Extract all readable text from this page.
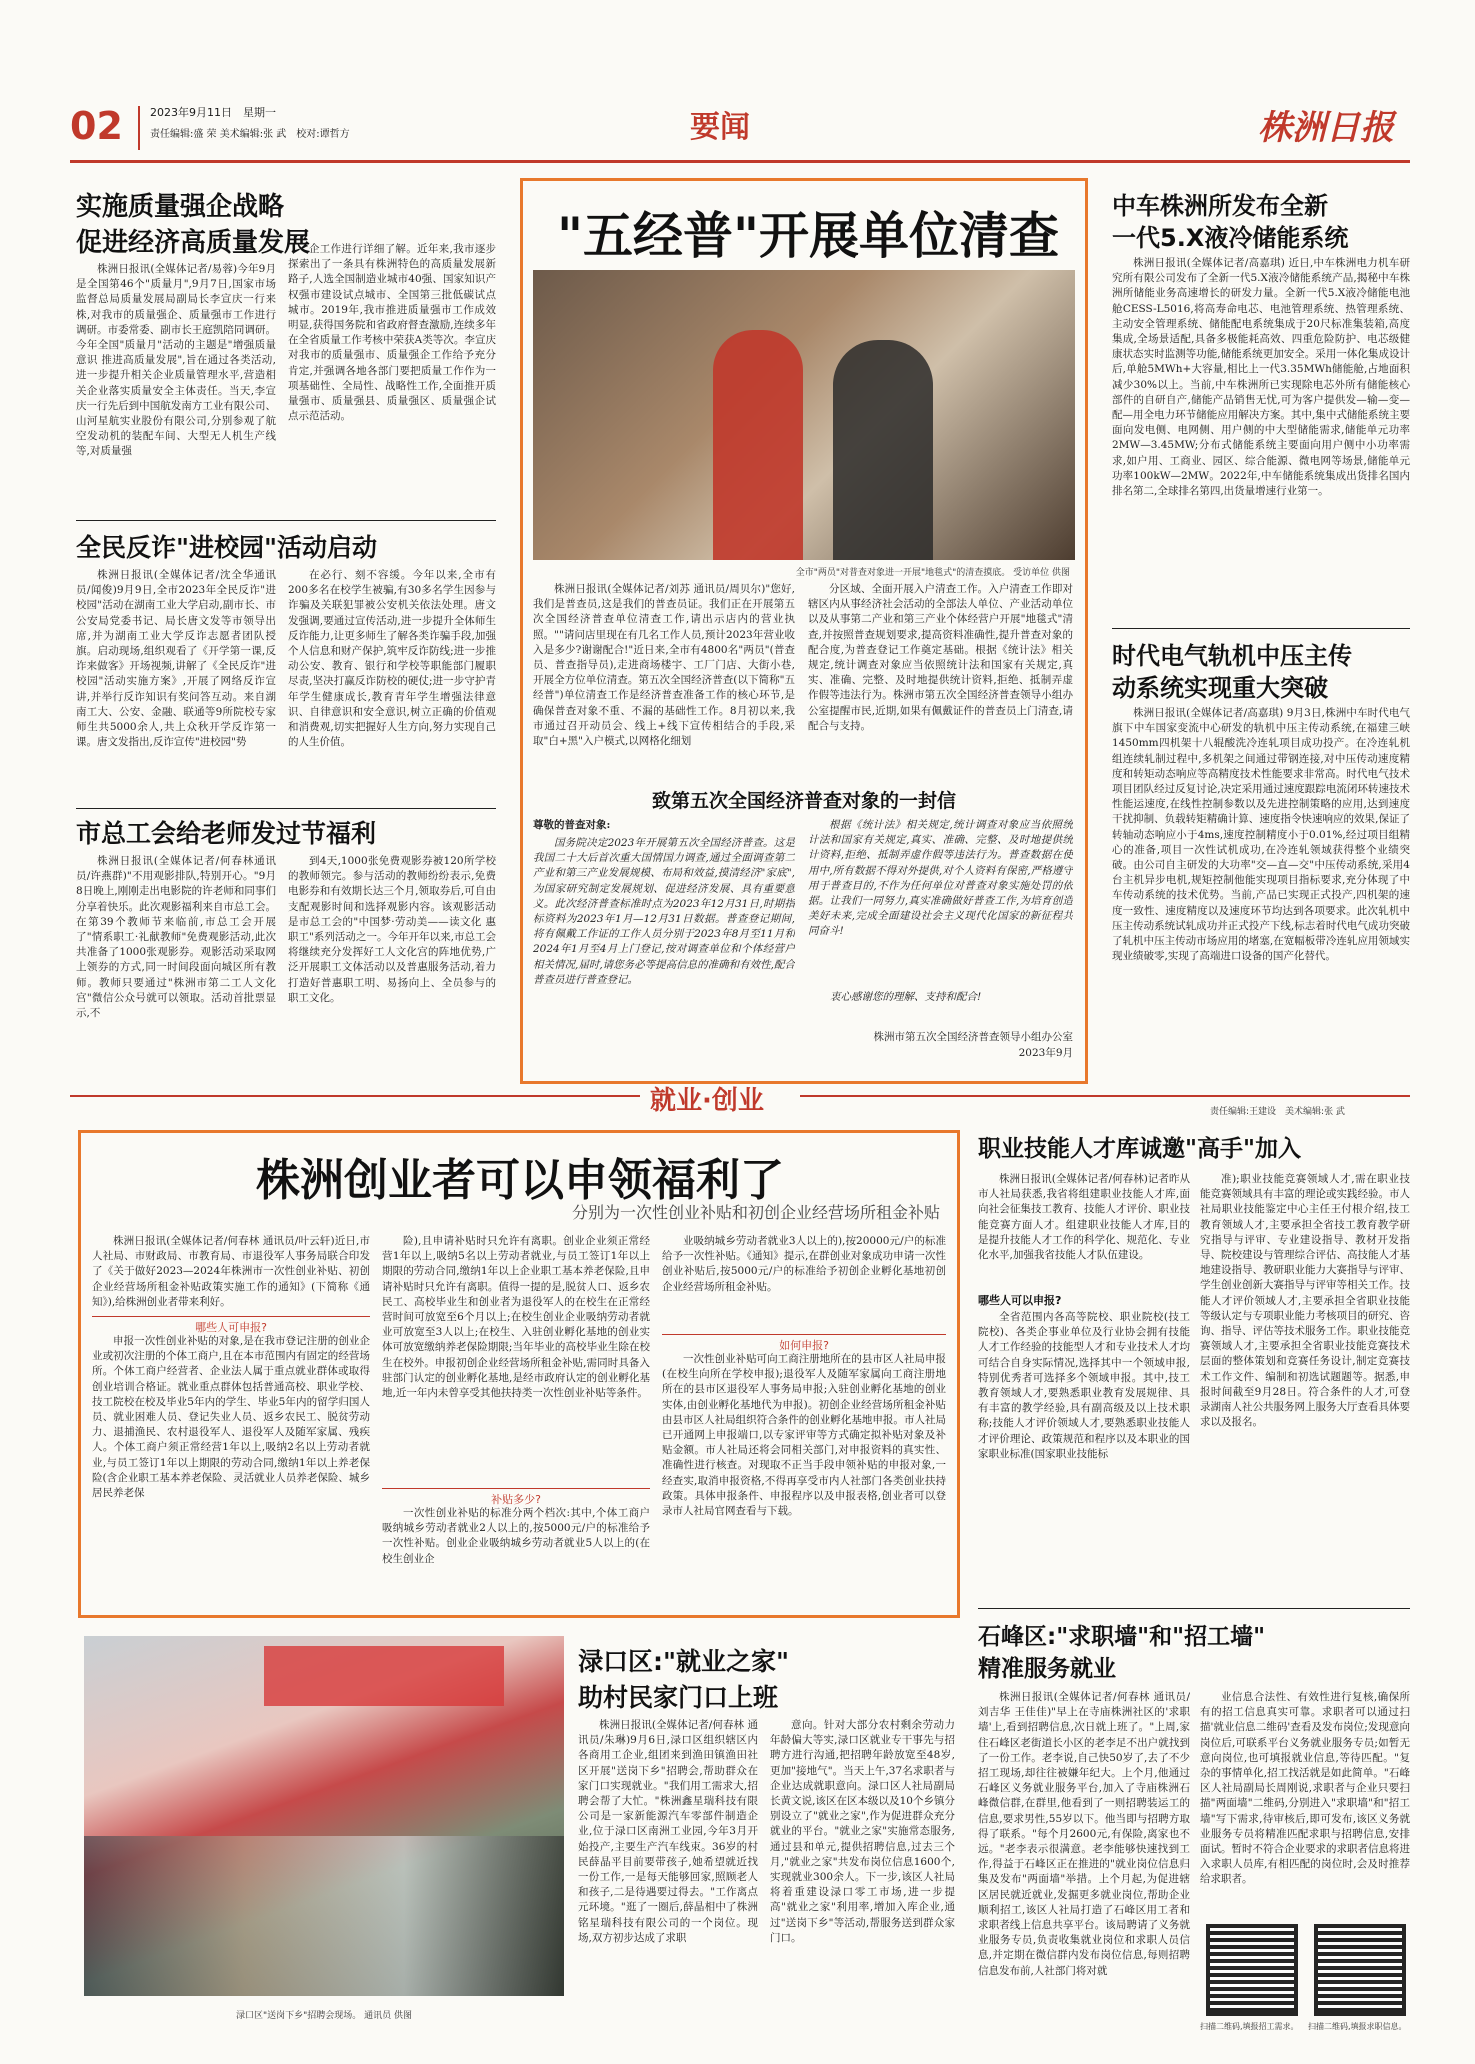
02 2023年9月11日　星期一
责任编辑:盛 荣 美术编辑:张 武　校对:谭哲方	要闻	株洲日报
实施质量强企战略
促进经济高质量发展

株洲日报讯(全媒体记者/易蓉)今年9月是全国第46个"质量月",9月7日,国家市场监督总局质量发展局副局长李宣庆一行来株,对我市的质量强企、质量强市工作进行调研。市委常委、副市长王庭凯陪同调研。今年全国"质量月"活动的主题是"增强质量意识 推进高质量发展",旨在通过各类活动,进一步提升相关企业质量管理水平,营造相关企业落实质量安全主体责任。当天,李宣庆一行先后到中国航发南方工业有限公司、山河星航实业股份有限公司,分别参观了航空发动机的装配车间、大型无人机生产线等,对质量强

企工作进行详细了解。近年来,我市逐步探索出了一条具有株洲特色的高质量发展新路子,人选全国制造业城市40强、国家知识产权强市建设试点城市、全国第三批低碳试点城市。2019年,我市推进质量强市工作成效明显,获得国务院和省政府督查激励,连续多年在全省质量工作考核中荣获A类等次。李宣庆对我市的质量强市、质量强企工作给予充分肯定,并强调各地各部门要把质量工作作为一项基础性、全局性、战略性工作,全面推开质量强市、质量强县、质量强区、质量强企试点示范活动。

全民反诈"进校园"活动启动

株洲日报讯(全媒体记者/沈全华通讯员/闻俊)9月9日,全市2023年全民反诈"进校园"活动在湖南工业大学启动,副市长、市公安局党委书记、局长唐文发等市领导出席,并为湖南工业大学反诈志愿者团队授旗。启动现场,组织观看了《开学第一课,反诈来做客》开场视频,讲解了《全民反诈"进校园"活动实施方案》,开展了网络反诈宣讲,并举行反诈知识有奖问答互动。来自湖南工大、公安、金融、联通等9所院校专家师生共5000余人,共上众秋开学反诈第一课。唐文发指出,反诈宣传"进校园"势

在必行、刻不容缓。今年以来,全市有200多名在校学生被骗,有30多名学生因参与诈骗及关联犯罪被公安机关依法处理。唐文发强调,要通过宣传活动,进一步提升全体师生反诈能力,让更多师生了解各类诈骗手段,加强个人信息和财产保护,筑牢反诈防线;进一步推动公安、教育、银行和学校等职能部门履职尽责,坚决打赢反诈防校的硬仗;进一步守护青年学生健康成长,教育青年学生增强法律意识、自律意识和安全意识,树立正确的价值观和消费观,切实把握好人生方向,努力实现自己的人生价值。

市总工会给老师发过节福利

株洲日报讯(全媒体记者/何春林通讯员/许燕群)"不用观影排队,特别开心。"9月8日晚上,刚刚走出电影院的许老师和同事们分享着快乐。此次观影福利来自市总工会。在第39个教师节来临前,市总工会开展了"情系职工·礼献教师"免费观影活动,此次共准备了1000张观影券。观影活动采取网上领券的方式,同一时间段面向城区所有教师。教师只要通过"株洲市第二工人文化宫"微信公众号就可以领取。活动首批票显示,不

到4天,1000张免费观影券被120所学校的教师领完。参与活动的教师纷纷表示,免费电影券和有效期长达三个月,领取券后,可自由支配观影时间和选择观影内容。该观影活动是市总工会的"中国梦·劳动美——读文化 惠职工"系列活动之一。今年开年以来,市总工会将继续充分发挥好工人文化宫的阵地优势,广泛开展职工文体活动以及普惠服务活动,着力打造好普惠职工明、易扬向上、全员参与的职工文化。

"五经普"开展单位清查
全市"两员"对普查对象进一开展"地毯式"的清查摸底。 受访单位 供图

株洲日报讯(全媒体记者/刘苏 通讯员/周贝尔)"您好,我们是普查员,这是我们的普查员证。我们正在开展第五次全国经济普查单位清查工作,请出示店内的营业执照。""请问店里现在有几名工作人员,预计2023年营业收入是多少?谢谢配合!"近日来,全市有4800名"两员"(普查员、普查指导员),走进商场楼宇、工厂门店、大街小巷,开展全方位单位清查。第五次全国经济普查(以下简称"五经普")单位清查工作是经济普查准备工作的核心环节,是确保普查对象不重、不漏的基础性工作。8月初以来,我市通过召开动员会、线上+线下宣传相结合的手段,采取"白+黑"入户模式,以网格化细划

分区域、全面开展入户清查工作。入户清查工作即对辖区内从事经济社会活动的全部法人单位、产业活动单位以及从事第二产业和第三产业个体经营户开展"地毯式"清查,并按照普查规划要求,提高资料准确性,提升普查对象的配合度,为普查登记工作奠定基础。根据《统计法》相关规定,统计调查对象应当依照统计法和国家有关规定,真实、准确、完整、及时地提供统计资料,拒绝、抵制弄虚作假等违法行为。株洲市第五次全国经济普查领导小组办公室提醒市民,近期,如果有佩戴证件的普查员上门清查,请配合与支持。

致第五次全国经济普查对象的一封信
尊敬的普查对象:

国务院决定2023年开展第五次全国经济普查。这是我国二十大后首次重大国情国力调查,通过全面调查第二产业和第三产业发展规模、布局和效益,摸清经济"家底",为国家研究制定发展规划、促进经济发展、具有重要意义。此次经济普查标准时点为2023年12月31日,时期指标资料为2023年1月—12月31日数据。普查登记期间,将有佩戴工作证的工作人员分别于2023年8月至11月和2024年1月至4月上门登记,按对调查单位和个体经营户相关情况,届时,请您务必等提高信息的准确和有效性,配合普查员进行普查登记。

根据《统计法》相关规定,统计调查对象应当依照统计法和国家有关规定,真实、准确、完整、及时地提供统计资料,拒绝、抵制弄虚作假等违法行为。普查数据在使用中,所有数据不得对外提供,对个人资料有保密,严格遵守用于普查目的,不作为任何单位对普查对象实施处罚的依据。让我们一同努力,真实准确做好普查工作,为培育创造美好未来,完成全面建设社会主义现代化国家的新征程共同奋斗!

衷心感谢您的理解、支持和配合!
株洲市第五次全国经济普查领导小组办公室
2023年9月
中车株洲所发布全新
一代5.X液冷储能系统

株洲日报讯(全媒体记者/高嘉琪) 近日,中车株洲电力机车研究所有限公司发布了全新一代5.X液冷储能系统产品,揭秘中车株洲所储能业务高速增长的研发力量。全新一代5.X液冷储能电池舱CESS-L5016,将高寿命电芯、电池管理系统、热管理系统、主动安全管理系统、储能配电系统集成于20尺标准集装箱,高度集成,全场景适配,具备多极能耗高效、四重危险防护、电芯级健康状态实时监测等功能,储能系统更加安全。采用一体化集成设计后,单舱5MWh+大容量,相比上一代3.35MWh储能舱,占地面积减少30%以上。当前,中车株洲所已实现除电芯外所有储能核心部件的自研自产,储能产品销售无忧,可为客户提供发—输—变—配—用全电力环节储能应用解决方案。其中,集中式储能系统主要面向发电侧、电网侧、用户侧的中大型储能需求,储能单元功率2MW—3.45MW;分布式储能系统主要面向用户侧中小功率需求,如户用、工商业、园区、综合能源、微电网等场景,储能单元功率100kW—2MW。2022年,中车储能系统集成出货排名国内排名第二,全球排名第四,出货量增速行业第一。

时代电气轨机中压主传
动系统实现重大突破

株洲日报讯(全媒体记者/高嘉琪) 9月3日,株洲中车时代电气旗下中车国家变流中心研发的轨机中压主传动系统,在福建三峡1450mm四机架十八辊酸洗冷连轧项目成功投产。在冷连轧机组连续轧制过程中,多机架之间通过带钢连接,对中压传动速度精度和转矩动态响应等高精度技术性能要求非常高。时代电气技术项目团队经过反复讨论,决定采用通过速度跟踪电流闭环转速技术性能运速度,在线性控制参数以及先进控制策略的应用,达到速度干扰抑制、负载转矩精确计算、速度指令快速响应的效果,保证了转轴动态响应小于4ms,速度控制精度小于0.01%,经过项目组精心的准备,项目一次性试机成功,在冷连轧领域获得整个业绩突破。由公司自主研发的大功率"交—直—交"中压传动系统,采用4台主机异步电机,规矩控制他能实现项目指标要求,充分体现了中车传动系统的技术优势。当前,产品已实现正式投产,四机架的速度一致性、速度精度以及速度环节均达到各项要求。此次轧机中压主传动系统试轧成功并正式投产下线,标志着时代电气成功突破了轧机中压主传动市场应用的堵塞,在宽幅板带冷连轧应用领域实现业绩破零,实现了高端进口设备的国产化替代。

就业·创业	责任编辑:王建设　美术编辑:张 武
株洲创业者可以申领福利了
分别为一次性创业补贴和初创企业经营场所租金补贴

株洲日报讯(全媒体记者/何春林 通讯员/叶云轩)近日,市人社局、市财政局、市教育局、市退役军人事务局联合印发了《关于做好2023—2024年株洲市一次性创业补贴、初创企业经营场所租金补贴政策实施工作的通知》(下简称《通知》),给株洲创业者带来利好。

哪些人可申报?

申报一次性创业补贴的对象,是在我市登记注册的创业企业或初次注册的个体工商户,且在本市范围内有固定的经营场所。个体工商户经营者、企业法人属于重点就业群体或取得创业培训合格证。就业重点群体包括普通高校、职业学校、技工院校在校及毕业5年内的学生、毕业5年内的留学归国人员、就业困难人员、登记失业人员、返乡农民工、脱贫劳动力、退捕渔民、农村退役军人、退役军人及随军家属、残疾人。个体工商户须正常经营1年以上,吸纳2名以上劳动者就业,与员工签订1年以上期限的劳动合同,缴纳1年以上养老保险(含企业职工基本养老保险、灵活就业人员养老保险、城乡居民养老保

险),且申请补贴时只允许有离职。创业企业须正常经营1年以上,吸纳5名以上劳动者就业,与员工签订1年以上期限的劳动合同,缴纳1年以上企业职工基本养老保险,且申请补贴时只允许有离职。值得一提的是,脱贫人口、返乡农民工、高校毕业生和创业者为退役军人的在校生在正常经营时间可放宽至6个月以上;在校生创业企业吸纳劳动者就业可放宽至3人以上;在校生、入驻创业孵化基地的创业实体可放宽缴纳养老保险期限;当年毕业的高校毕业生除在校生在校外。申报初创企业经营场所租金补贴,需同时具备入驻部门认定的创业孵化基地,是经市政府认定的创业孵化基地,近一年内未曾享受其他扶持类一次性创业补贴等条件。

补贴多少?

一次性创业补贴的标准分两个档次:其中,个体工商户吸纳城乡劳动者就业2人以上的,按5000元/户的标准给予一次性补贴。创业企业吸纳城乡劳动者就业5人以上的(在校生创业企

业吸纳城乡劳动者就业3人以上的),按20000元/户的标准给予一次性补贴。《通知》提示,在群创业对象成功申请一次性创业补贴后,按5000元/户的标准给予初创企业孵化基地初创企业经营场所租金补贴。

如何申报?

一次性创业补贴可向工商注册地所在的县市区人社局申报(在校生向所在学校申报);退役军人及随军家属向工商注册地所在的县市区退役军人事务局申报;入驻创业孵化基地的创业实体,由创业孵化基地代为申报)。初创企业经营场所租金补贴由县市区人社局组织符合条件的创业孵化基地申报。市人社局已开通网上申报端口,以专家评审等方式确定拟补贴对象及补贴金额。市人社局还将会同相关部门,对申报资料的真实性、准确性进行核查。对现取不正当手段申领补贴的申报对象,一经查实,取消申报资格,不得再享受市内人社部门各类创业扶持政策。具体申报条件、申报程序以及申报表格,创业者可以登录市人社局官网查看与下载。

渌口区"送岗下乡"招聘会现场。 通讯员 供图
渌口区:"就业之家"
助村民家门口上班

株洲日报讯(全媒体记者/何春林 通讯员/朱琳)9月6日,渌口区组织辖区内各商用工企业,组团来到渔田镇渔田社区开展"送岗下乡"招聘会,帮助群众在家门口实现就业。"我们用工需求大,招聘会帮了大忙。"株洲鑫星瑞科技有限公司是一家新能源汽车零部件制造企业,位于渌口区南洲工业园,今年3月开始投产,主要生产汽车线束。36岁的村民薛晶平目前要带孩子,她希望就近找一份工作,一是每天能够回家,照顾老人和孩子,二是待遇要过得去。"工作离点元环境。"逛了一圈后,薛晶相中了株洲铭星瑞科技有限公司的一个岗位。现场,双方初步达成了求职

意向。针对大部分农村剩余劳动力年龄偏大等实,渌口区就业专干事先与招聘方进行沟通,把招聘年龄放宽至48岁,更加"接地气"。当天上午,37名求职者与企业达成就职意向。渌口区人社局副局长黄文说,该区在区本级以及10个乡镇分别设立了"就业之家",作为促进群众充分就业的平台。"就业之家"实施常态服务,通过县和单元,提供招聘信息,过去三个月,"就业之家"共发布岗位信息1600个,实现就业300余人。下一步,该区人社局将着重建设渌口零工市场,进一步提高"就业之家"利用率,增加入库企业,通过"送岗下乡"等活动,帮服务送到群众家门口。

职业技能人才库诚邀"高手"加入

株洲日报讯(全媒体记者/何春林)记者昨从市人社局获悉,我省将组建职业技能人才库,面向社会征集技工教育、技能人才评价、职业技能竞赛方面人才。组建职业技能人才库,目的是提升技能人才工作的科学化、规范化、专业化水平,加强我省技能人才队伍建设。

哪些人可以申报?

全省范围内各高等院校、职业院校(技工院校)、各类企事业单位及行业协会拥有技能人才工作经验的技能型人才和专业技术人才均可结合自身实际情况,选择其中一个领域申报,特别优秀者可选择多个领域申报。其中,技工教育领域人才,要熟悉职业教育发展规律、具有丰富的教学经验,具有副高级及以上技术职称;技能人才评价领域人才,要熟悉职业技能人才评价理论、政策规范和程序以及本职业的国家职业标准(国家职业技能标

准);职业技能竞赛领域人才,需在职业技能竞赛领域具有丰富的理论或实践经验。市人社局职业技能鉴定中心主任王付根介绍,技工教育领域人才,主要承担全省技工教育教学研究指导与评审、专业建设指导、教材开发指导、院校建设与管理综合评估、高技能人才基地建设指导、教研职业能力大赛指导与评审、学生创业创新大赛指导与评审等相关工作。技能人才评价领域人才,主要承担全省职业技能等级认定与专项职业能力考核项目的研究、咨询、指导、评估等技术服务工作。职业技能竞赛领域人才,主要承担全省职业技能竞赛技术层面的整体策划和竞赛任务设计,制定竞赛技术工作文件、编制和初选试题题等。据悉,申报时间截至9月28日。符合条件的人才,可登录湖南人社公共服务网上服务大厅查看具体要求以及报名。

石峰区:"求职墙"和"招工墙"
精准服务就业

株洲日报讯(全媒体记者/何春林 通讯员/刘吉华 王佳佳)"早上在寺庙株洲社区的'求职墙'上,看到招聘信息,次日就上班了。"上周,家住石峰区老街道长小区的老李足不出户就找到了一份工作。老李说,自己快50岁了,去了不少招工现场,却往往被嫌年纪大。上个月,他通过石峰区义务就业服务平台,加入了寺庙株洲石峰微信群,在群里,他看到了一则招聘装运工的信息,要求男性,55岁以下。他当即与招聘方取得了联系。"每个月2600元,有保险,离家也不远。"老李表示很满意。老李能够快速找到工作,得益于石峰区正在推进的"就业岗位信息归集及发布"两面墙"举措。上个月起,为促进辖区居民就近就业,发掘更多就业岗位,帮助企业顺利招工,该区人社局打造了石峰区用工者和求职者线上信息共享平台。该局聘请了义务就业服务专员,负责收集就业岗位和求职人员信息,并定期在微信群内发布岗位信息,每则招聘信息发布前,人社部门将对就

业信息合法性、有效性进行复核,确保所有的招工信息真实可靠。求职者可以通过扫描'就业信息二维码'查看及发布岗位;发现意向岗位后,可联系平台义务就业服务专员;如暂无意向岗位,也可填报就业信息,等待匹配。"复杂的事情单化,招工找活就是如此简单。"石峰区人社局副局长周刚说,求职者与企业只要扫描"两面墙"二维码,分别进入"求职墙"和"招工墙"写下需求,待审核后,即可发布,该区义务就业服务专员将精准匹配求职与招聘信息,安排面试。暂时不符合企业要求的求职者信息将进入求职人员库,有相匹配的岗位时,会及时推荐给求职者。

扫描二维码,填报招工需求。	扫描二维码,填报求职信息。
